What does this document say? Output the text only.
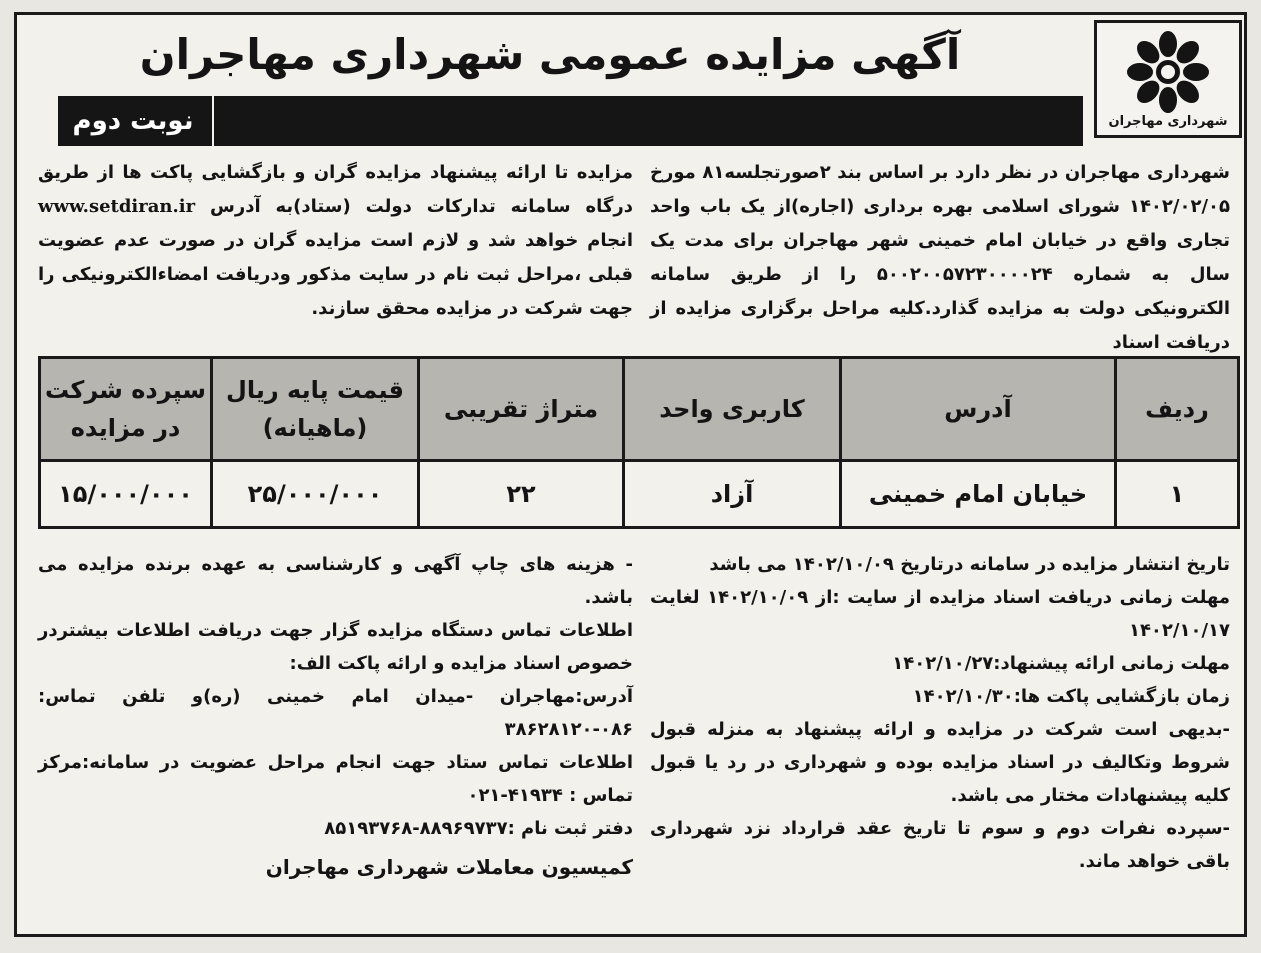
شهرداری مهاجران
آگهی مزایده عمومی شهرداری مهاجران
نوبت دوم

شهرداری مهاجران در نظر دارد بر اساس بند ۲صورتجلسه۸۱ مورخ ۱۴۰۲/۰۲/۰۵ شورای اسلامی بهره برداری (اجاره)از یک باب واحد تجاری واقع در خیابان امام خمینی شهر مهاجران برای مدت یک سال به شماره ۵۰۰۲۰۰۵۷۲۳۰۰۰۰۲۴ را از طریق سامانه الکترونیکی دولت به مزایده گذارد.کلیه مراحل برگزاری مزایده از دریافت اسناد

مزایده تا ارائه پیشنهاد مزایده گران و بازگشایی پاکت ها از طریق درگاه سامانه تدارکات دولت (ستاد)به آدرس www.setdiran.ir انجام خواهد شد و لازم است مزایده گران در صورت عدم عضویت قبلی ،مراحل ثبت نام در سایت مذکور ودریافت امضاءالکترونیکی را جهت شرکت در مزایده محقق سازند.

ردیف	آدرس	کاربری واحد	متراژ تقریبی	قیمت پایه ریال (ماهیانه)	سپرده شرکت در مزایده
۱	خیابان امام خمینی	آزاد	۲۲	۲۵/۰۰۰/۰۰۰	۱۵/۰۰۰/۰۰۰

تاریخ انتشار مزایده در سامانه درتاریخ ۱۴۰۲/۱۰/۰۹ می باشد

مهلت زمانی دریافت اسناد مزایده از سایت :از ۱۴۰۲/۱۰/۰۹ لغایت ۱۴۰۲/۱۰/۱۷

مهلت زمانی ارائه پیشنهاد:۱۴۰۲/۱۰/۲۷

زمان بازگشایی پاکت ها:۱۴۰۲/۱۰/۳۰

-بدیهی است شرکت در مزایده و ارائه پیشنهاد به منزله قبول شروط وتکالیف در اسناد مزایده بوده و شهرداری در رد یا قبول کلیه پیشنهادات مختار می باشد.

-سپرده نفرات دوم و سوم تا تاریخ عقد قرارداد نزد شهرداری باقی خواهد ماند.

- هزینه های چاپ آگهی و کارشناسی به عهده برنده مزایده می باشد.

اطلاعات تماس دستگاه مزایده گزار جهت دریافت اطلاعات بیشتردر خصوص اسناد مزایده و ارائه پاکت الف:

آدرس:مهاجران -میدان امام خمینی (ره)و تلفن تماس: ۰۸۶-۳۸۶۲۸۱۲۰

اطلاعات تماس ستاد جهت انجام مراحل عضویت در سامانه:مرکز تماس : ۴۱۹۳۴-۰۲۱

دفتر ثبت نام :۸۸۹۶۹۷۳۷-۸۵۱۹۳۷۶۸

کمیسیون معاملات شهرداری مهاجران
